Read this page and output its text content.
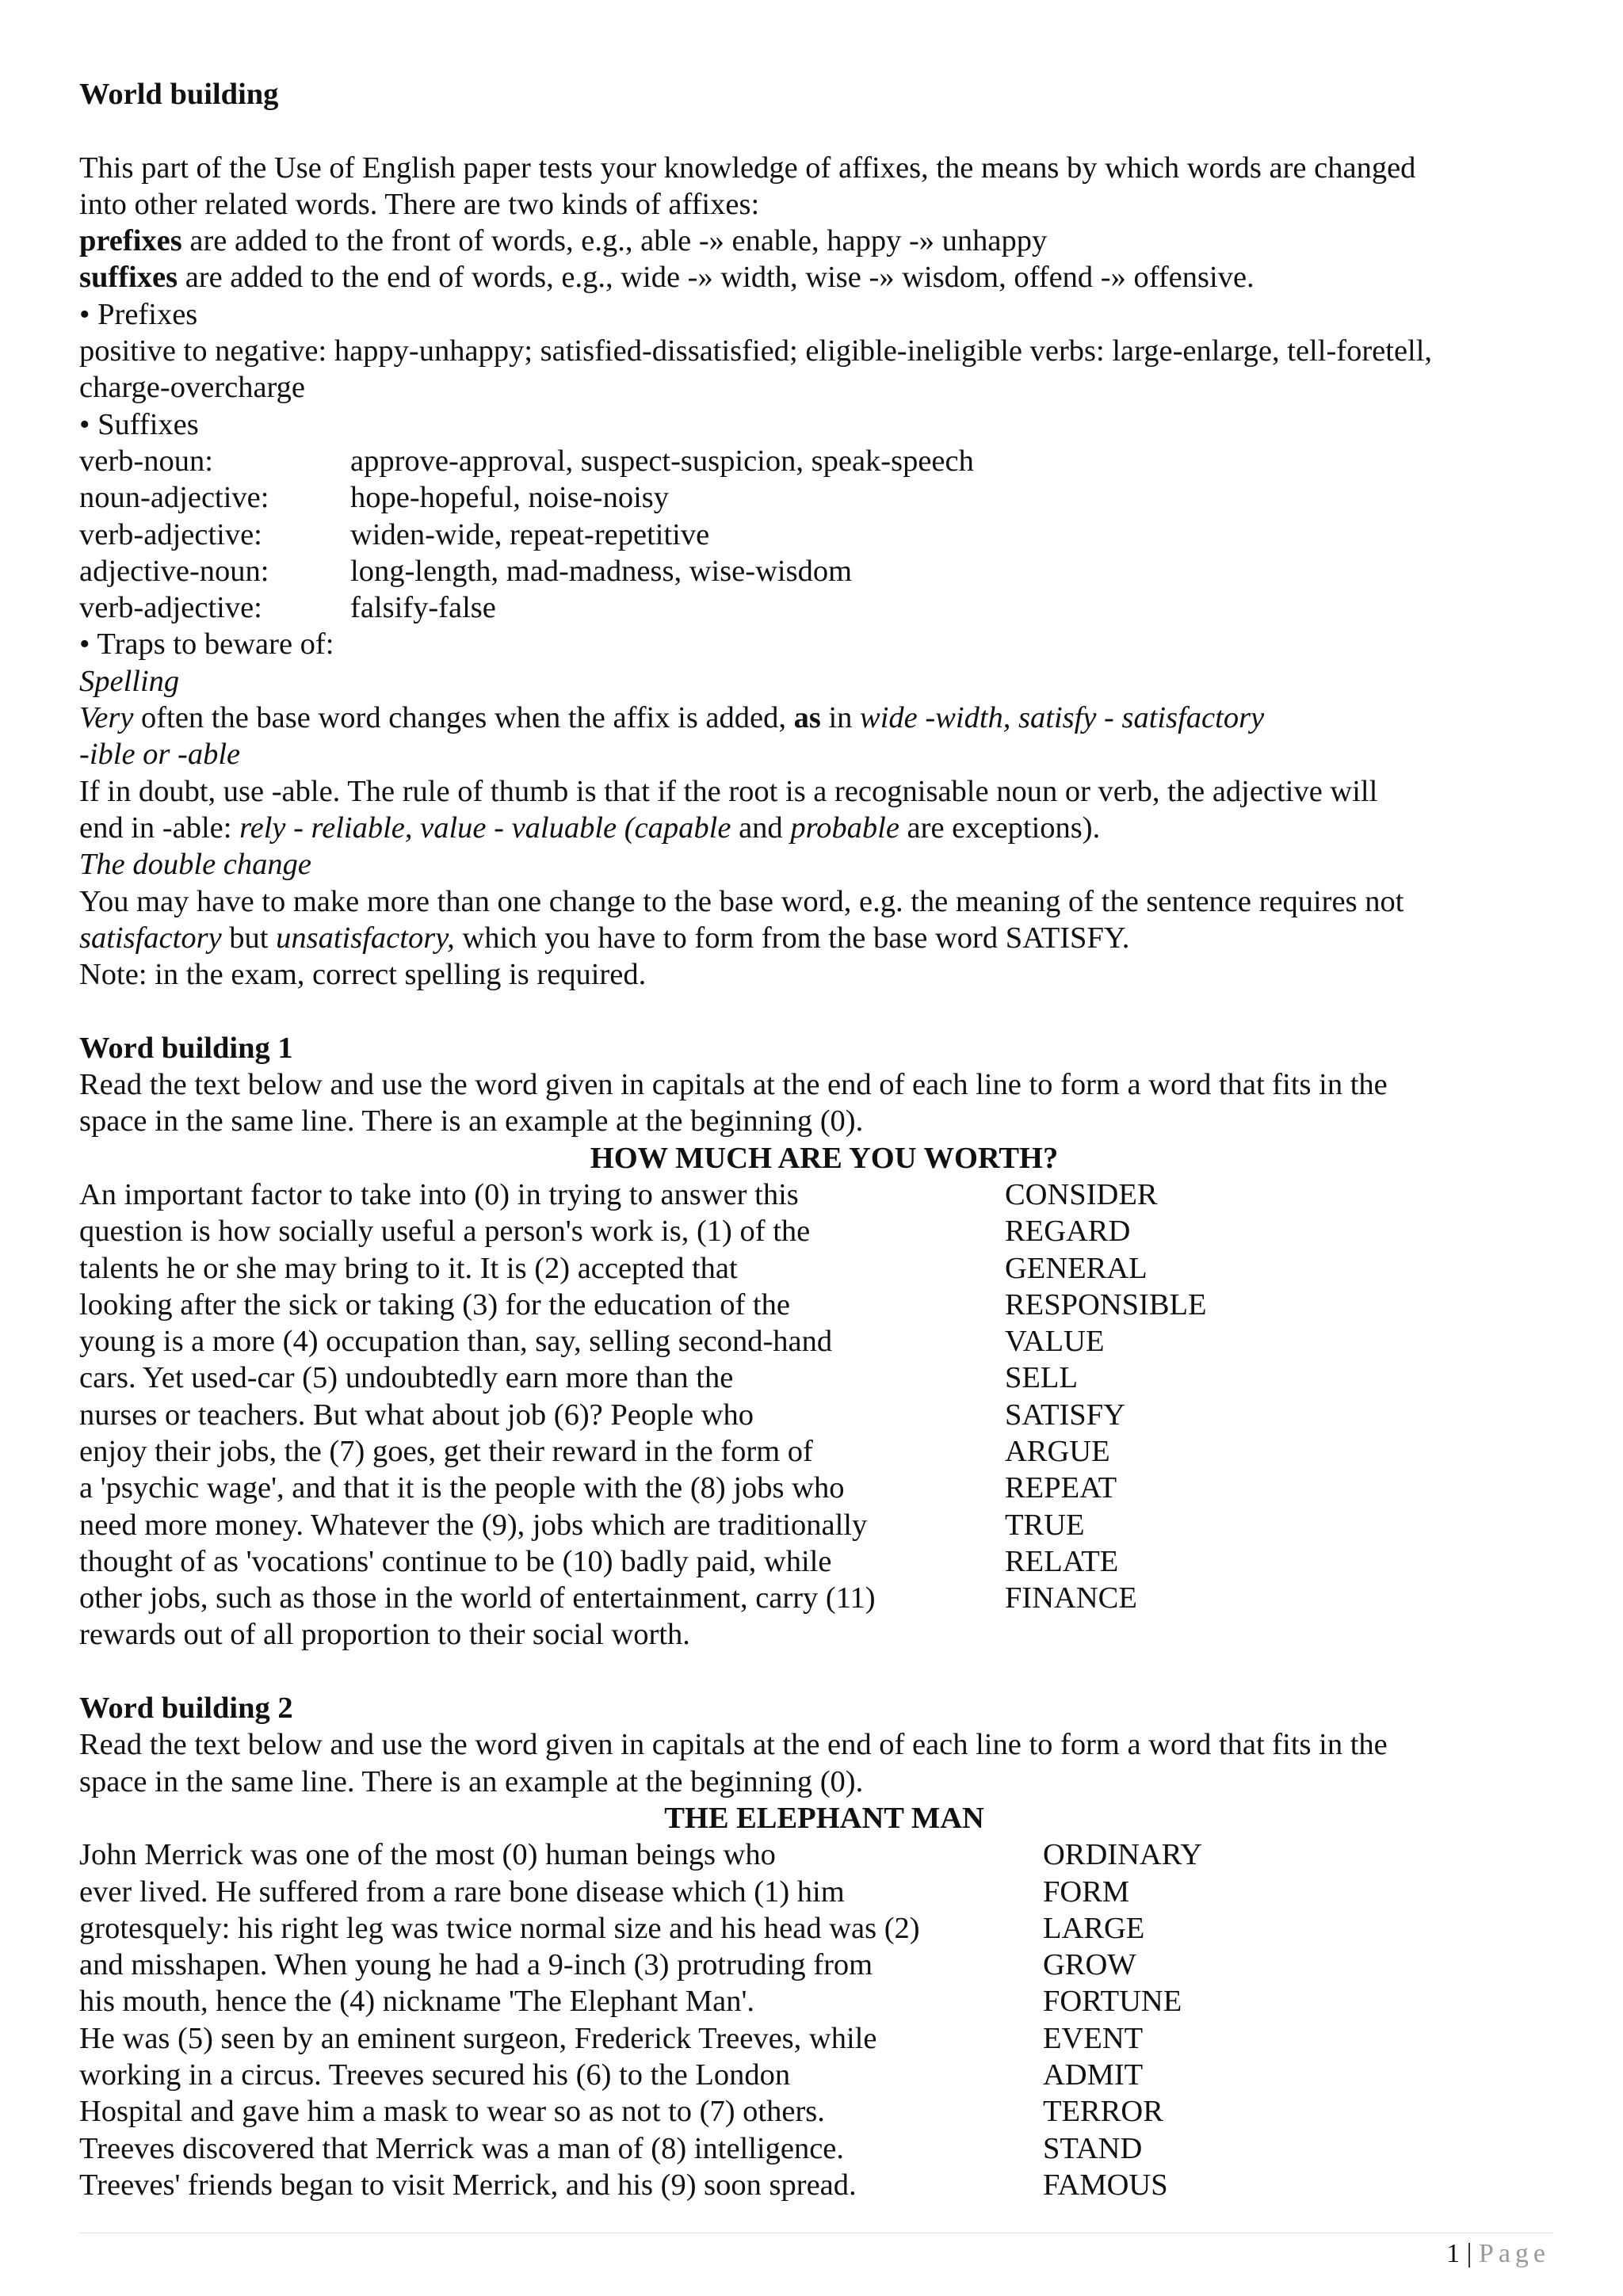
World building
This part of the Use of English paper tests your knowledge of affixes, the means by which words are changed
into other related words. There are two kinds of affixes:
prefixes are added to the front of words, e.g., able -» enable, happy -» unhappy
suffixes are added to the end of words, e.g., wide -» width, wise -» wisdom, offend -» offensive.
• Prefixes
positive to negative: happy-unhappy; satisfied-dissatisfied; eligible-ineligible verbs: large-enlarge, tell-foretell,
charge-overcharge
• Suffixes
verb-noun:	approve-approval, suspect-suspicion, speak-speech
noun-adjective:	hope-hopeful, noise-noisy
verb-adjective:	widen-wide, repeat-repetitive
adjective-noun:	long-length, mad-madness, wise-wisdom
verb-adjective:	falsify-false
• Traps to beware of:
Spelling
Very often the base word changes when the affix is added, as in wide -width, satisfy - satisfactory
-ible or -able
If in doubt, use -able. The rule of thumb is that if the root is a recognisable noun or verb, the adjective will
end in -able: rely - reliable, value - valuable (capable and probable are exceptions).
The double change
You may have to make more than one change to the base word, e.g. the meaning of the sentence requires not
satisfactory but unsatisfactory, which you have to form from the base word SATISFY.
Note: in the exam, correct spelling is required.
Word building 1
Read the text below and use the word given in capitals at the end of each line to form a word that fits in the
space in the same line. There is an example at the beginning (0).
HOW MUCH ARE YOU WORTH?
An important factor to take into (0) in trying to answer this	CONSIDER
question is how socially useful a person's work is, (1) of the	REGARD
talents he or she may bring to it. It is (2) accepted that	GENERAL
looking after the sick or taking (3) for the education of the	RESPONSIBLE
young is a more (4) occupation than, say, selling second-hand	VALUE
cars. Yet used-car (5) undoubtedly earn more than the	SELL
nurses or teachers. But what about job (6)? People who	SATISFY
enjoy their jobs, the (7) goes, get their reward in the form of	ARGUE
a 'psychic wage', and that it is the people with the (8) jobs who	REPEAT
need more money. Whatever the (9), jobs which are traditionally	TRUE
thought of as 'vocations' continue to be (10) badly paid, while	RELATE
other jobs, such as those in the world of entertainment, carry (11)	FINANCE
rewards out of all proportion to their social worth.
Word building 2
Read the text below and use the word given in capitals at the end of each line to form a word that fits in the
space in the same line. There is an example at the beginning (0).
THE ELEPHANT MAN
John Merrick was one of the most (0) human beings who	ORDINARY
ever lived. He suffered from a rare bone disease which (1) him	FORM
grotesquely: his right leg was twice normal size and his head was (2)	LARGE
and misshapen. When young he had a 9-inch (3) protruding from	GROW
his mouth, hence the (4) nickname 'The Elephant Man'.	FORTUNE
He was (5) seen by an eminent surgeon, Frederick Treeves, while	EVENT
working in a circus. Treeves secured his (6) to the London	ADMIT
Hospital and gave him a mask to wear so as not to (7) others.	TERROR
Treeves discovered that Merrick was a man of (8) intelligence.	STAND
Treeves' friends began to visit Merrick, and his (9) soon spread.	FAMOUS
1 | Page
